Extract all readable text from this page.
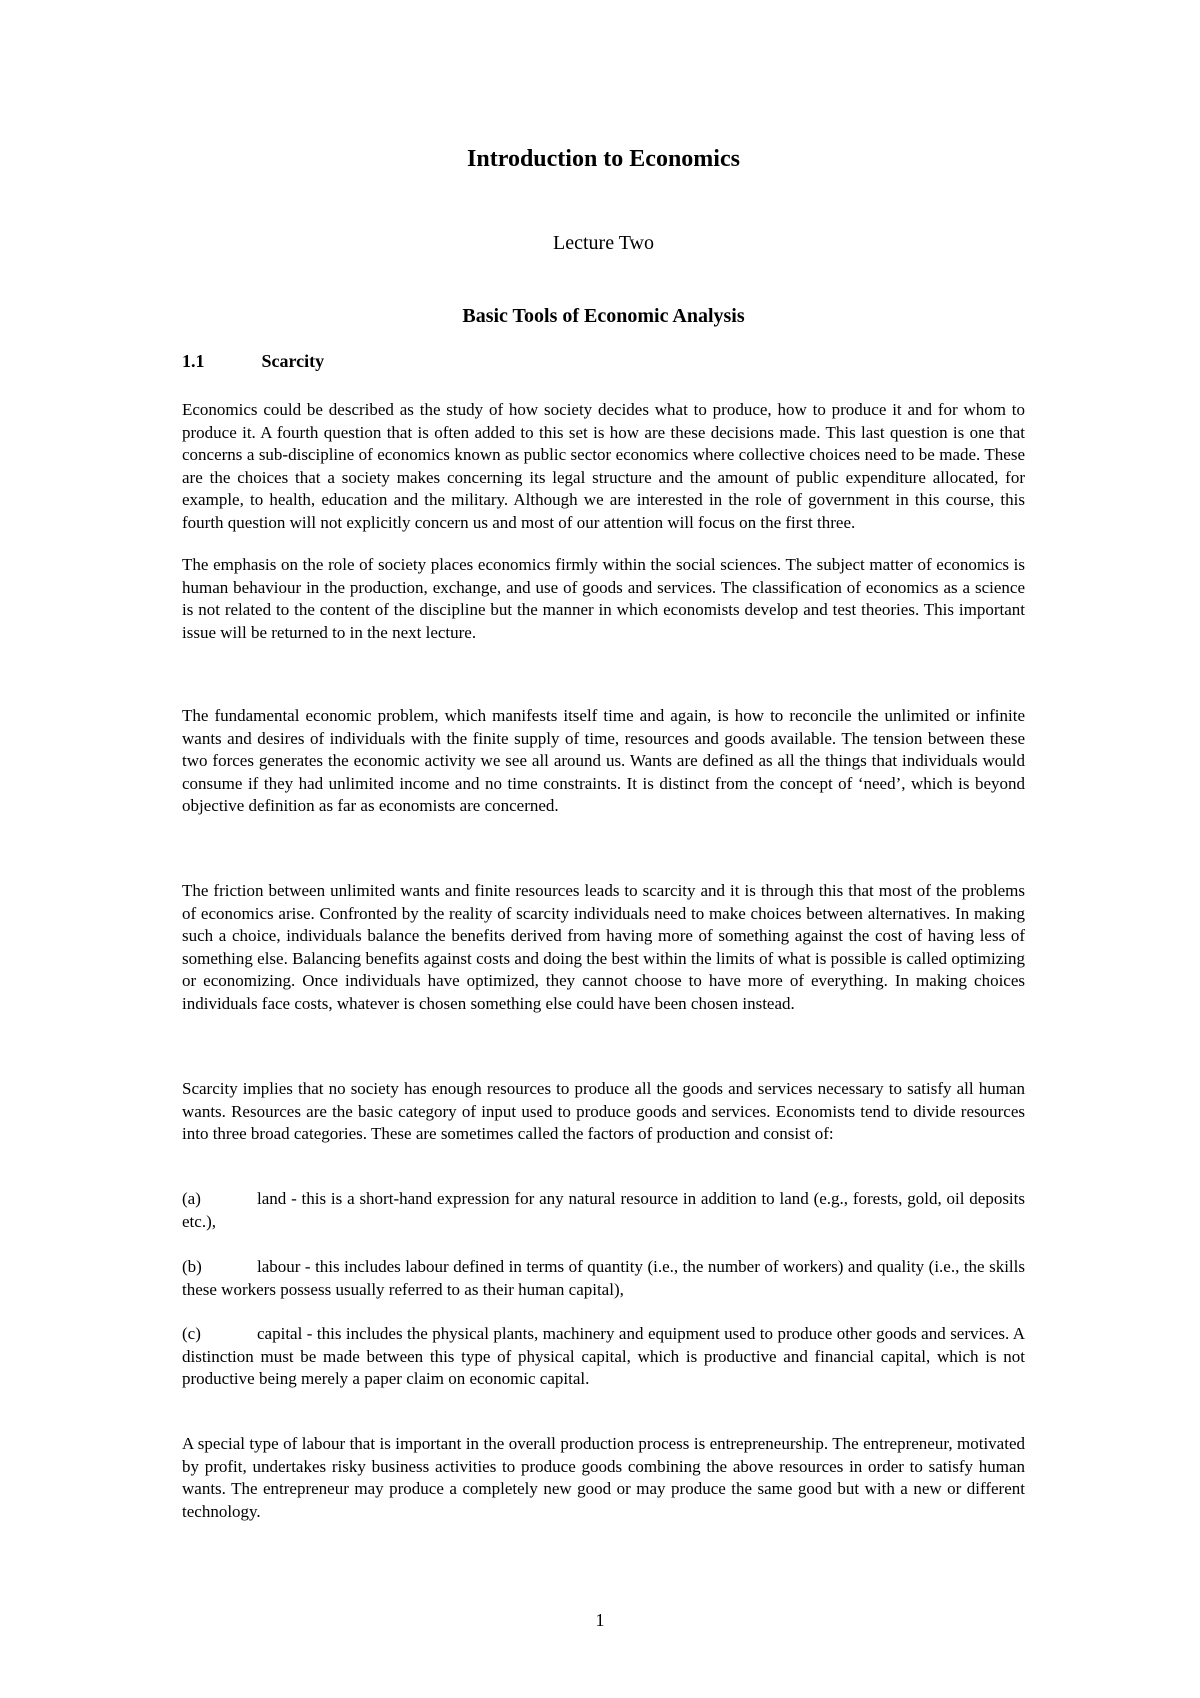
Introduction to Economics
Lecture Two
Basic Tools of Economic Analysis
1.1	Scarcity

Economics could be described as the study of how society decides what to produce, how to produce it and for whom to produce it. A fourth question that is often added to this set is how are these decisions made. This last question is one that concerns a sub-discipline of economics known as public sector economics where collective choices need to be made. These are the choices that a society makes concerning its legal structure and the amount of public expenditure allocated, for example, to health, education and the military. Although we are interested in the role of government in this course, this fourth question will not explicitly concern us and most of our attention will focus on the first three.

The emphasis on the role of society places economics firmly within the social sciences. The subject matter of economics is human behaviour in the production, exchange, and use of goods and services. The classification of economics as a science is not related to the content of the discipline but the manner in which economists develop and test theories. This important issue will be returned to in the next lecture.

The fundamental economic problem, which manifests itself time and again, is how to reconcile the unlimited or infinite wants and desires of individuals with the finite supply of time, resources and goods available. The tension between these two forces generates the economic activity we see all around us. Wants are defined as all the things that individuals would consume if they had unlimited income and no time constraints. It is distinct from the concept of ‘need’, which is beyond objective definition as far as economists are concerned.

The friction between unlimited wants and finite resources leads to scarcity and it is through this that most of the problems of economics arise. Confronted by the reality of scarcity individuals need to make choices between alternatives. In making such a choice, individuals balance the benefits derived from having more of something against the cost of having less of something else. Balancing benefits against costs and doing the best within the limits of what is possible is called optimizing or economizing. Once individuals have optimized, they cannot choose to have more of everything. In making choices individuals face costs, whatever is chosen something else could have been chosen instead.

Scarcity implies that no society has enough resources to produce all the goods and services necessary to satisfy all human wants. Resources are the basic category of input used to produce goods and services. Economists tend to divide resources into three broad categories. These are sometimes called the factors of production and consist of:

(a)	land - this is a short-hand expression for any natural resource in addition to land (e.g., forests, gold, oil deposits etc.),

(b)	labour - this includes labour defined in terms of quantity (i.e., the number of workers) and quality (i.e., the skills these workers possess usually referred to as their human capital),

(c)	capital - this includes the physical plants, machinery and equipment used to produce other goods and services. A distinction must be made between this type of physical capital, which is productive and financial capital, which is not productive being merely a paper claim on economic capital.

A special type of labour that is important in the overall production process is entrepreneurship. The entrepreneur, motivated by profit, undertakes risky business activities to produce goods combining the above resources in order to satisfy human wants. The entrepreneur may produce a completely new good or may produce the same good but with a new or different technology.

1
